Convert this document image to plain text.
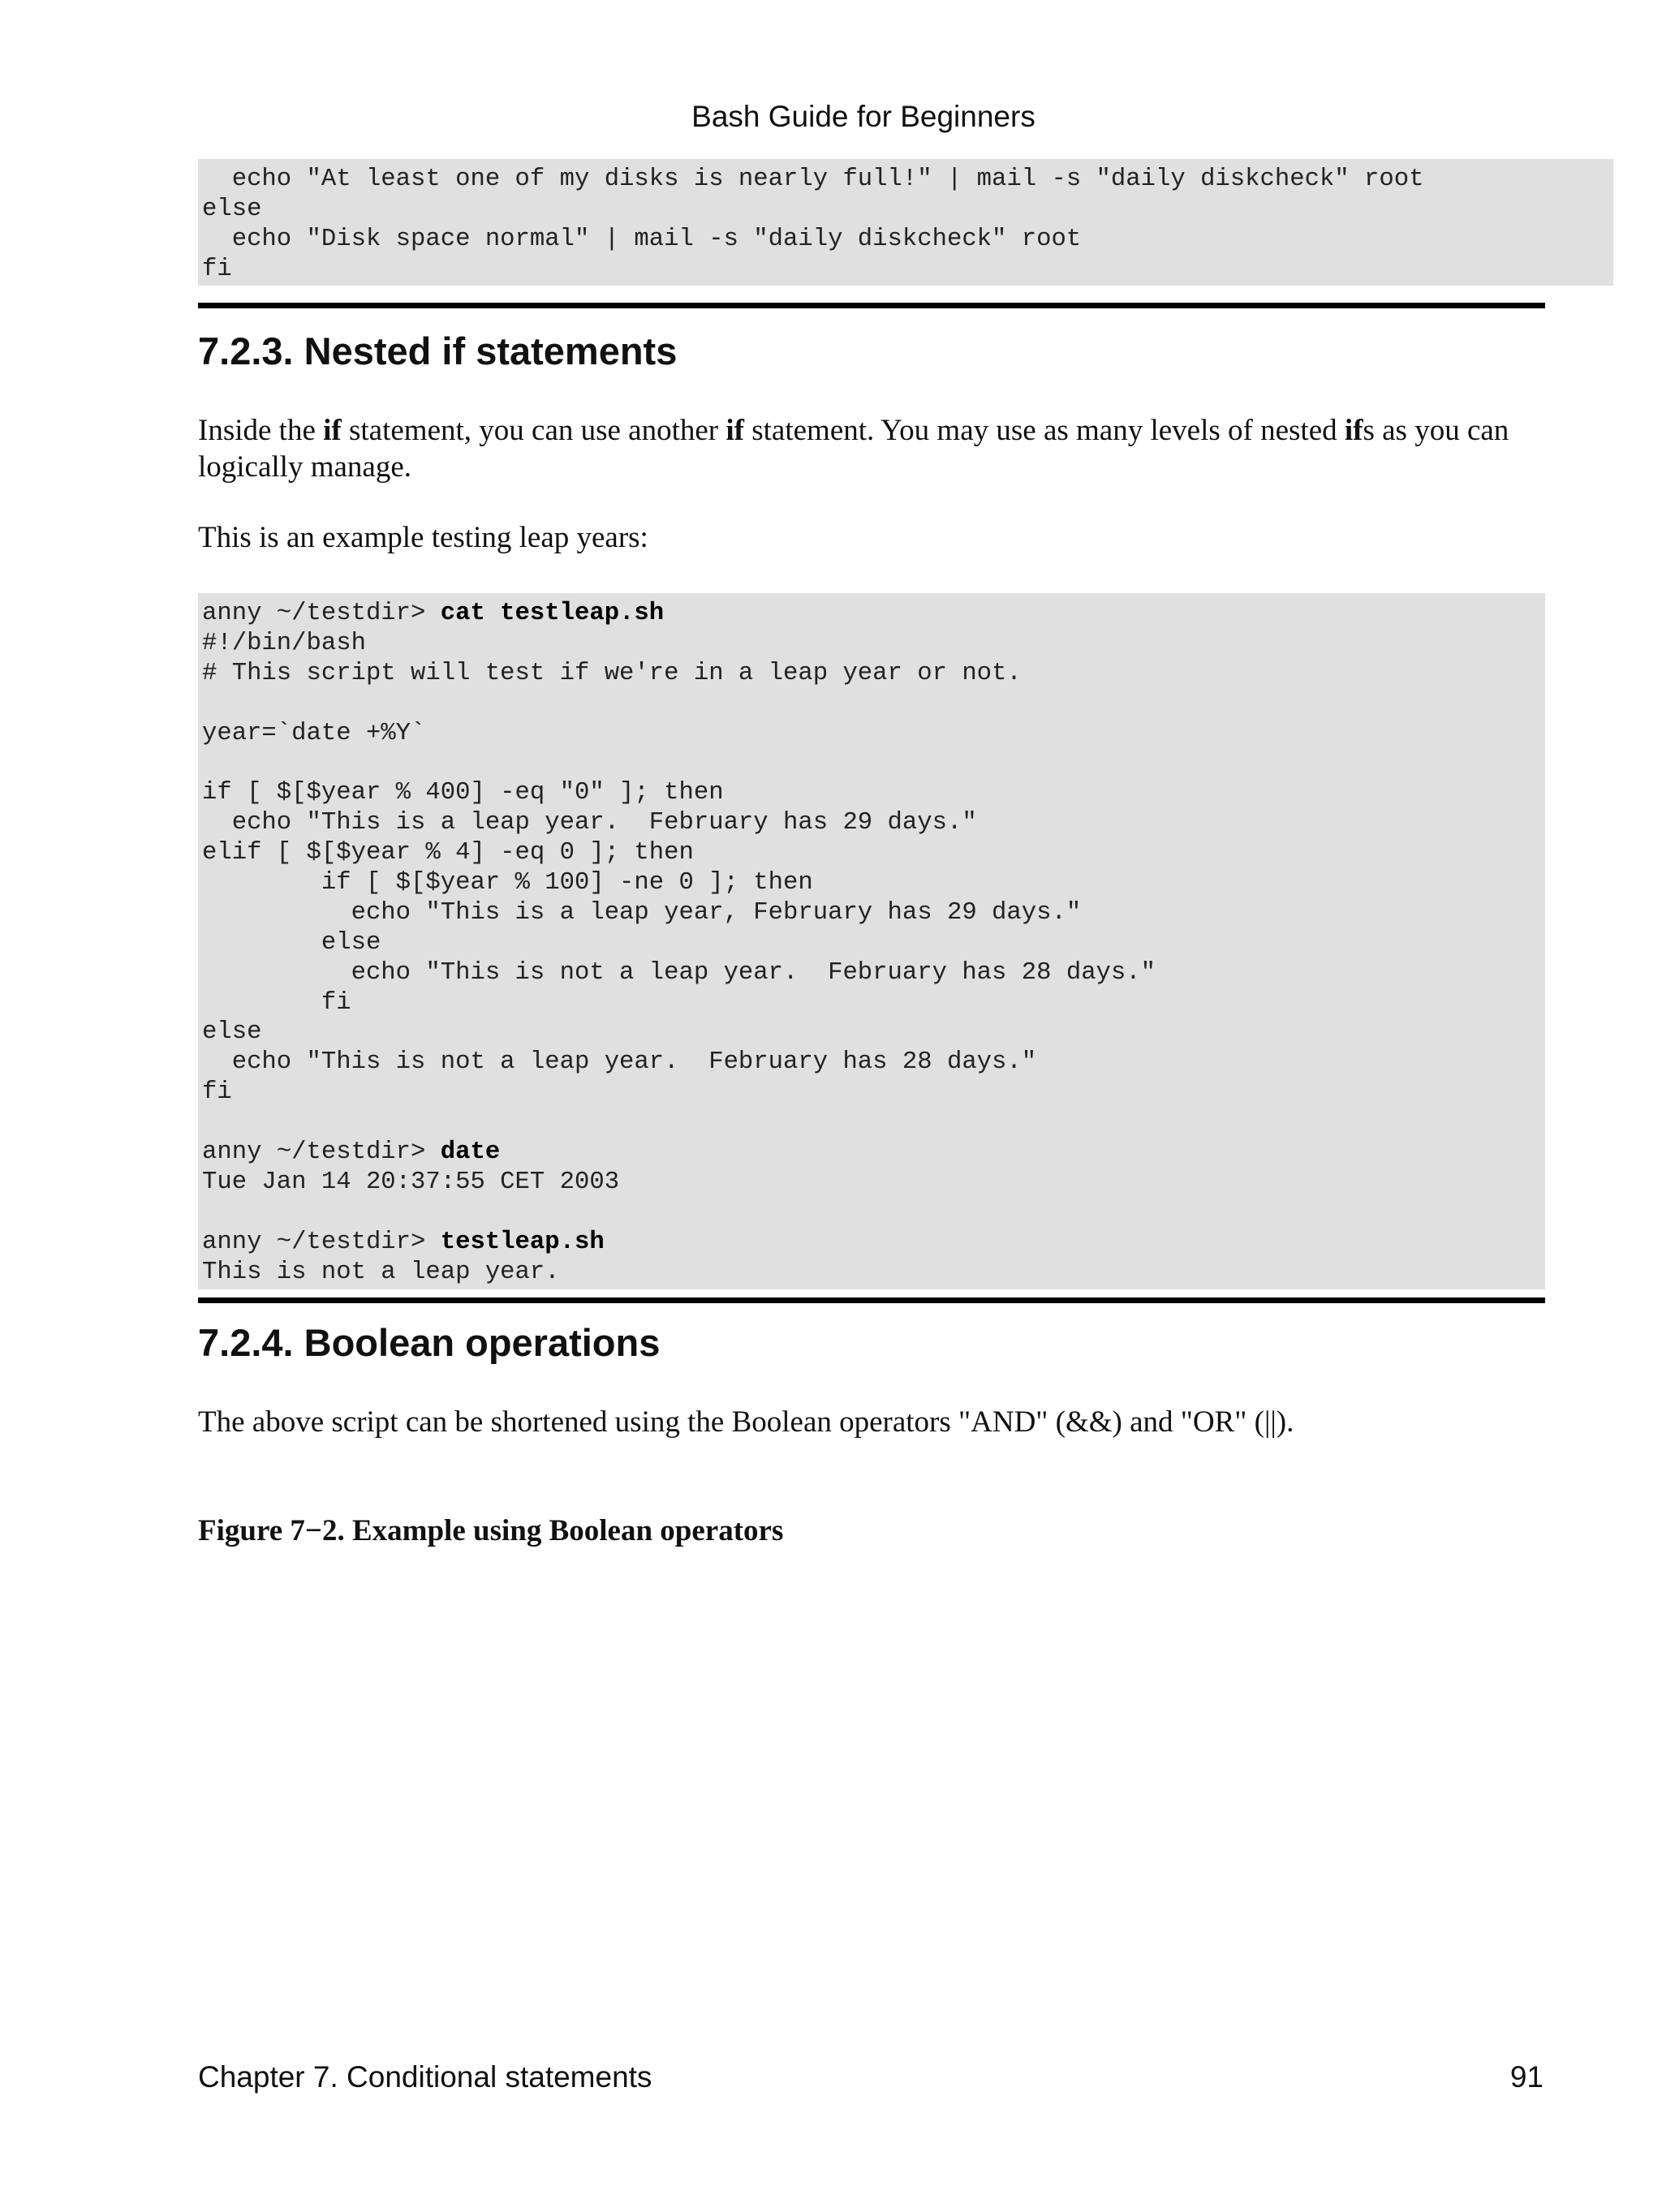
Bash Guide for Beginners
echo "At least one of my disks is nearly full!" | mail -s "daily diskcheck" root
else
echo "Disk space normal" | mail -s "daily diskcheck" root
fi
7.2.3. Nested if statements

Inside the if statement, you can use another if statement. You may use as many levels of nested ifs as you can logically manage.

This is an example testing leap years:

anny ~/testdir> cat testleap.sh
#!/bin/bash
# This script will test if we're in a leap year or not.
year=`date +%Y`
if [ $[$year % 400] -eq "0" ]; then
echo "This is a leap year.  February has 29 days."
elif [ $[$year % 4] -eq 0 ]; then
if [ $[$year % 100] -ne 0 ]; then
echo "This is a leap year, February has 29 days."
else
echo "This is not a leap year.  February has 28 days."
fi
else
echo "This is not a leap year.  February has 28 days."
fi
anny ~/testdir> date
Tue Jan 14 20:37:55 CET 2003
anny ~/testdir> testleap.sh
This is not a leap year.
7.2.4. Boolean operations

The above script can be shortened using the Boolean operators "AND" (&&) and "OR" (||).

Figure 7−2. Example using Boolean operators

Chapter 7. Conditional statements	91
